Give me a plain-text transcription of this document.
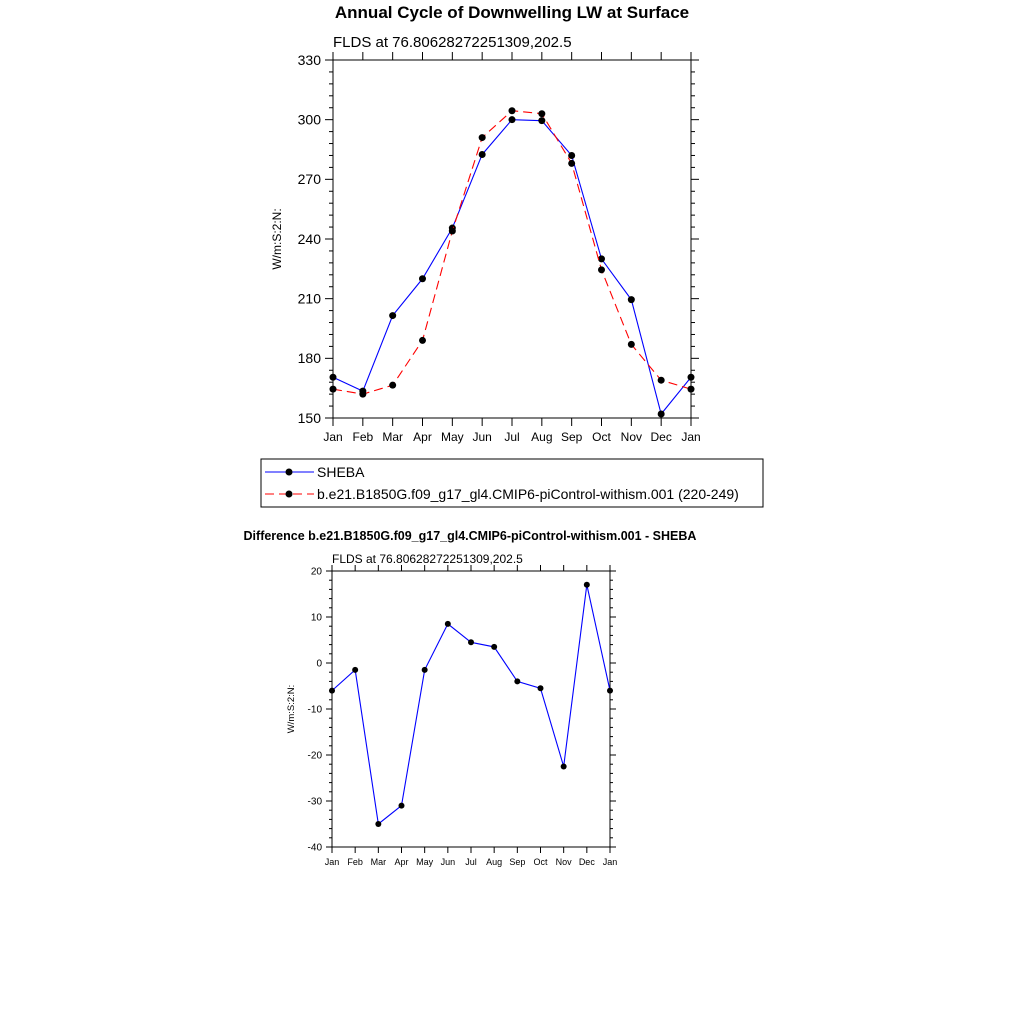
Annual Cycle of Downwelling LW at Surface
Difference b.e21.B1850G.f09_g17_gl4.CMIP6-piControl-withism.001 - SHEBA
FLDS at 76.80628272251309,202.5
150
180
210
240
270
300
330
Jan Feb Mar Apr May Jun Jul Aug Sep Oct Nov Dec Jan
W/m:S:2:N:
FLDS at 76.80628272251309,202.5
-40
-30
-20
-10
0
10
20
Jan Feb Mar Apr May Jun Jul Aug Sep Oct Nov Dec Jan
W/m:S:2:N:
SHEBA
b.e21.B1850G.f09_g17_gl4.CMIP6-piControl-withism.001 (220-249)
